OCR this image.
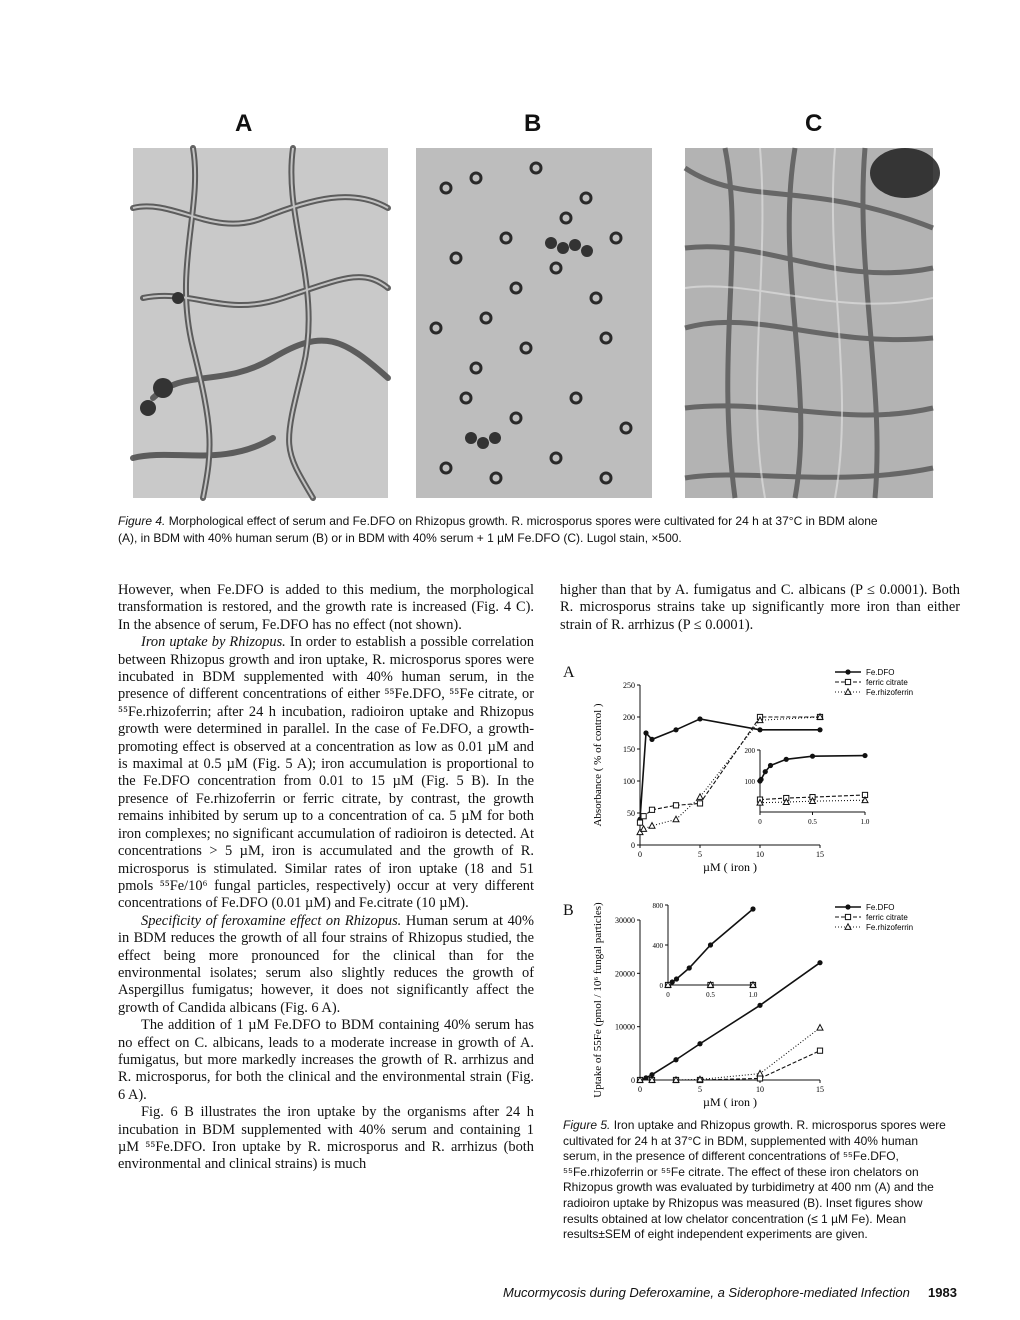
A	B	C
Figure 4. Morphological effect of serum and Fe.DFO on Rhizopus growth. R. microsporus spores were cultivated for 24 h at 37°C in BDM alone
(A), in BDM with 40% human serum (B) or in BDM with 40% serum + 1 µM Fe.DFO (C). Lugol stain, ×500.

However, when Fe.DFO is added to this medium, the morphological transformation is restored, and the growth rate is increased (Fig. 4 C). In the absence of serum, Fe.DFO has no effect (not shown).

Iron uptake by Rhizopus. In order to establish a possible correlation between Rhizopus growth and iron uptake, R. microsporus spores were incubated in BDM supplemented with 40% human serum, in the presence of different concentrations of either ⁵⁵Fe.DFO, ⁵⁵Fe citrate, or ⁵⁵Fe.rhizoferrin; after 24 h incubation, radioiron uptake and Rhizopus growth were determined in parallel. In the case of Fe.DFO, a growth-promoting effect is observed at a concentration as low as 0.01 µM and is maximal at 0.5 µM (Fig. 5 A); iron accumulation is proportional to the Fe.DFO concentration from 0.01 to 15 µM (Fig. 5 B). In the presence of Fe.rhizoferrin or ferric citrate, by contrast, the growth remains inhibited by serum up to a concentration of ca. 5 µM for both iron complexes; no significant accumulation of radioiron is detected. At concentrations > 5 µM, iron is accumulated and the growth of R. microsporus is stimulated. Similar rates of iron uptake (18 and 51 pmols ⁵⁵Fe/10⁶ fungal particles, respectively) occur at very different concentrations of Fe.DFO (0.01 µM) and Fe.citrate (10 µM).

Specificity of feroxamine effect on Rhizopus. Human serum at 40% in BDM reduces the growth of all four strains of Rhizopus studied, the effect being more pronounced for the clinical than for the environmental isolates; serum also slightly reduces the growth of Aspergillus fumigatus; however, it does not significantly affect the growth of Candida albicans (Fig. 6 A).

The addition of 1 µM Fe.DFO to BDM containing 40% serum has no effect on C. albicans, leads to a moderate increase in growth of A. fumigatus, but more markedly increases the growth of R. arrhizus and R. microsporus, for both the clinical and the environmental strain (Fig. 6 A).

Fig. 6 B illustrates the iron uptake by the organisms after 24 h incubation in BDM supplemented with 40% serum and containing 1 µM ⁵⁵Fe.DFO. Iron uptake by R. microsporus and R. arrhizus (both environmental and clinical strains) is much

higher than that by A. fumigatus and C. albicans (P ≤ 0.0001). Both R. microsporus strains take up significantly more iron than either strain of R. arrhizus (P ≤ 0.0001).

A
B
0	5	10	15
0
50
100
150
200
250
Absorbance ( % of control )
µM ( iron )
0	0.5	1.0
100
200
Fe.DFO
ferric citrate
Fe.rhizoferrin
0	5	10	15
0
10000
20000
30000
Uptake of 55Fe (pmol / 10⁶ fungal particles)
µM ( iron )
0	0.5	1.0
0
400
800	Fe.DFO
ferric citrate
Fe.rhizoferrin
Figure 5. Iron uptake and Rhizopus growth. R. microsporus spores were cultivated for 24 h at 37°C in BDM, supplemented with 40% human serum, in the presence of different concentrations of ⁵⁵Fe.DFO, ⁵⁵Fe.rhizoferrin or ⁵⁵Fe citrate. The effect of these iron chelators on Rhizopus growth was evaluated by turbidimetry at 400 nm (A) and the radioiron uptake by Rhizopus was measured (B). Inset figures show results obtained at low chelator concentration (≤ 1 µM Fe). Mean results±SEM of eight independent experiments are given.
Mucormycosis during Deferoxamine, a Siderophore-mediated Infection 1983
